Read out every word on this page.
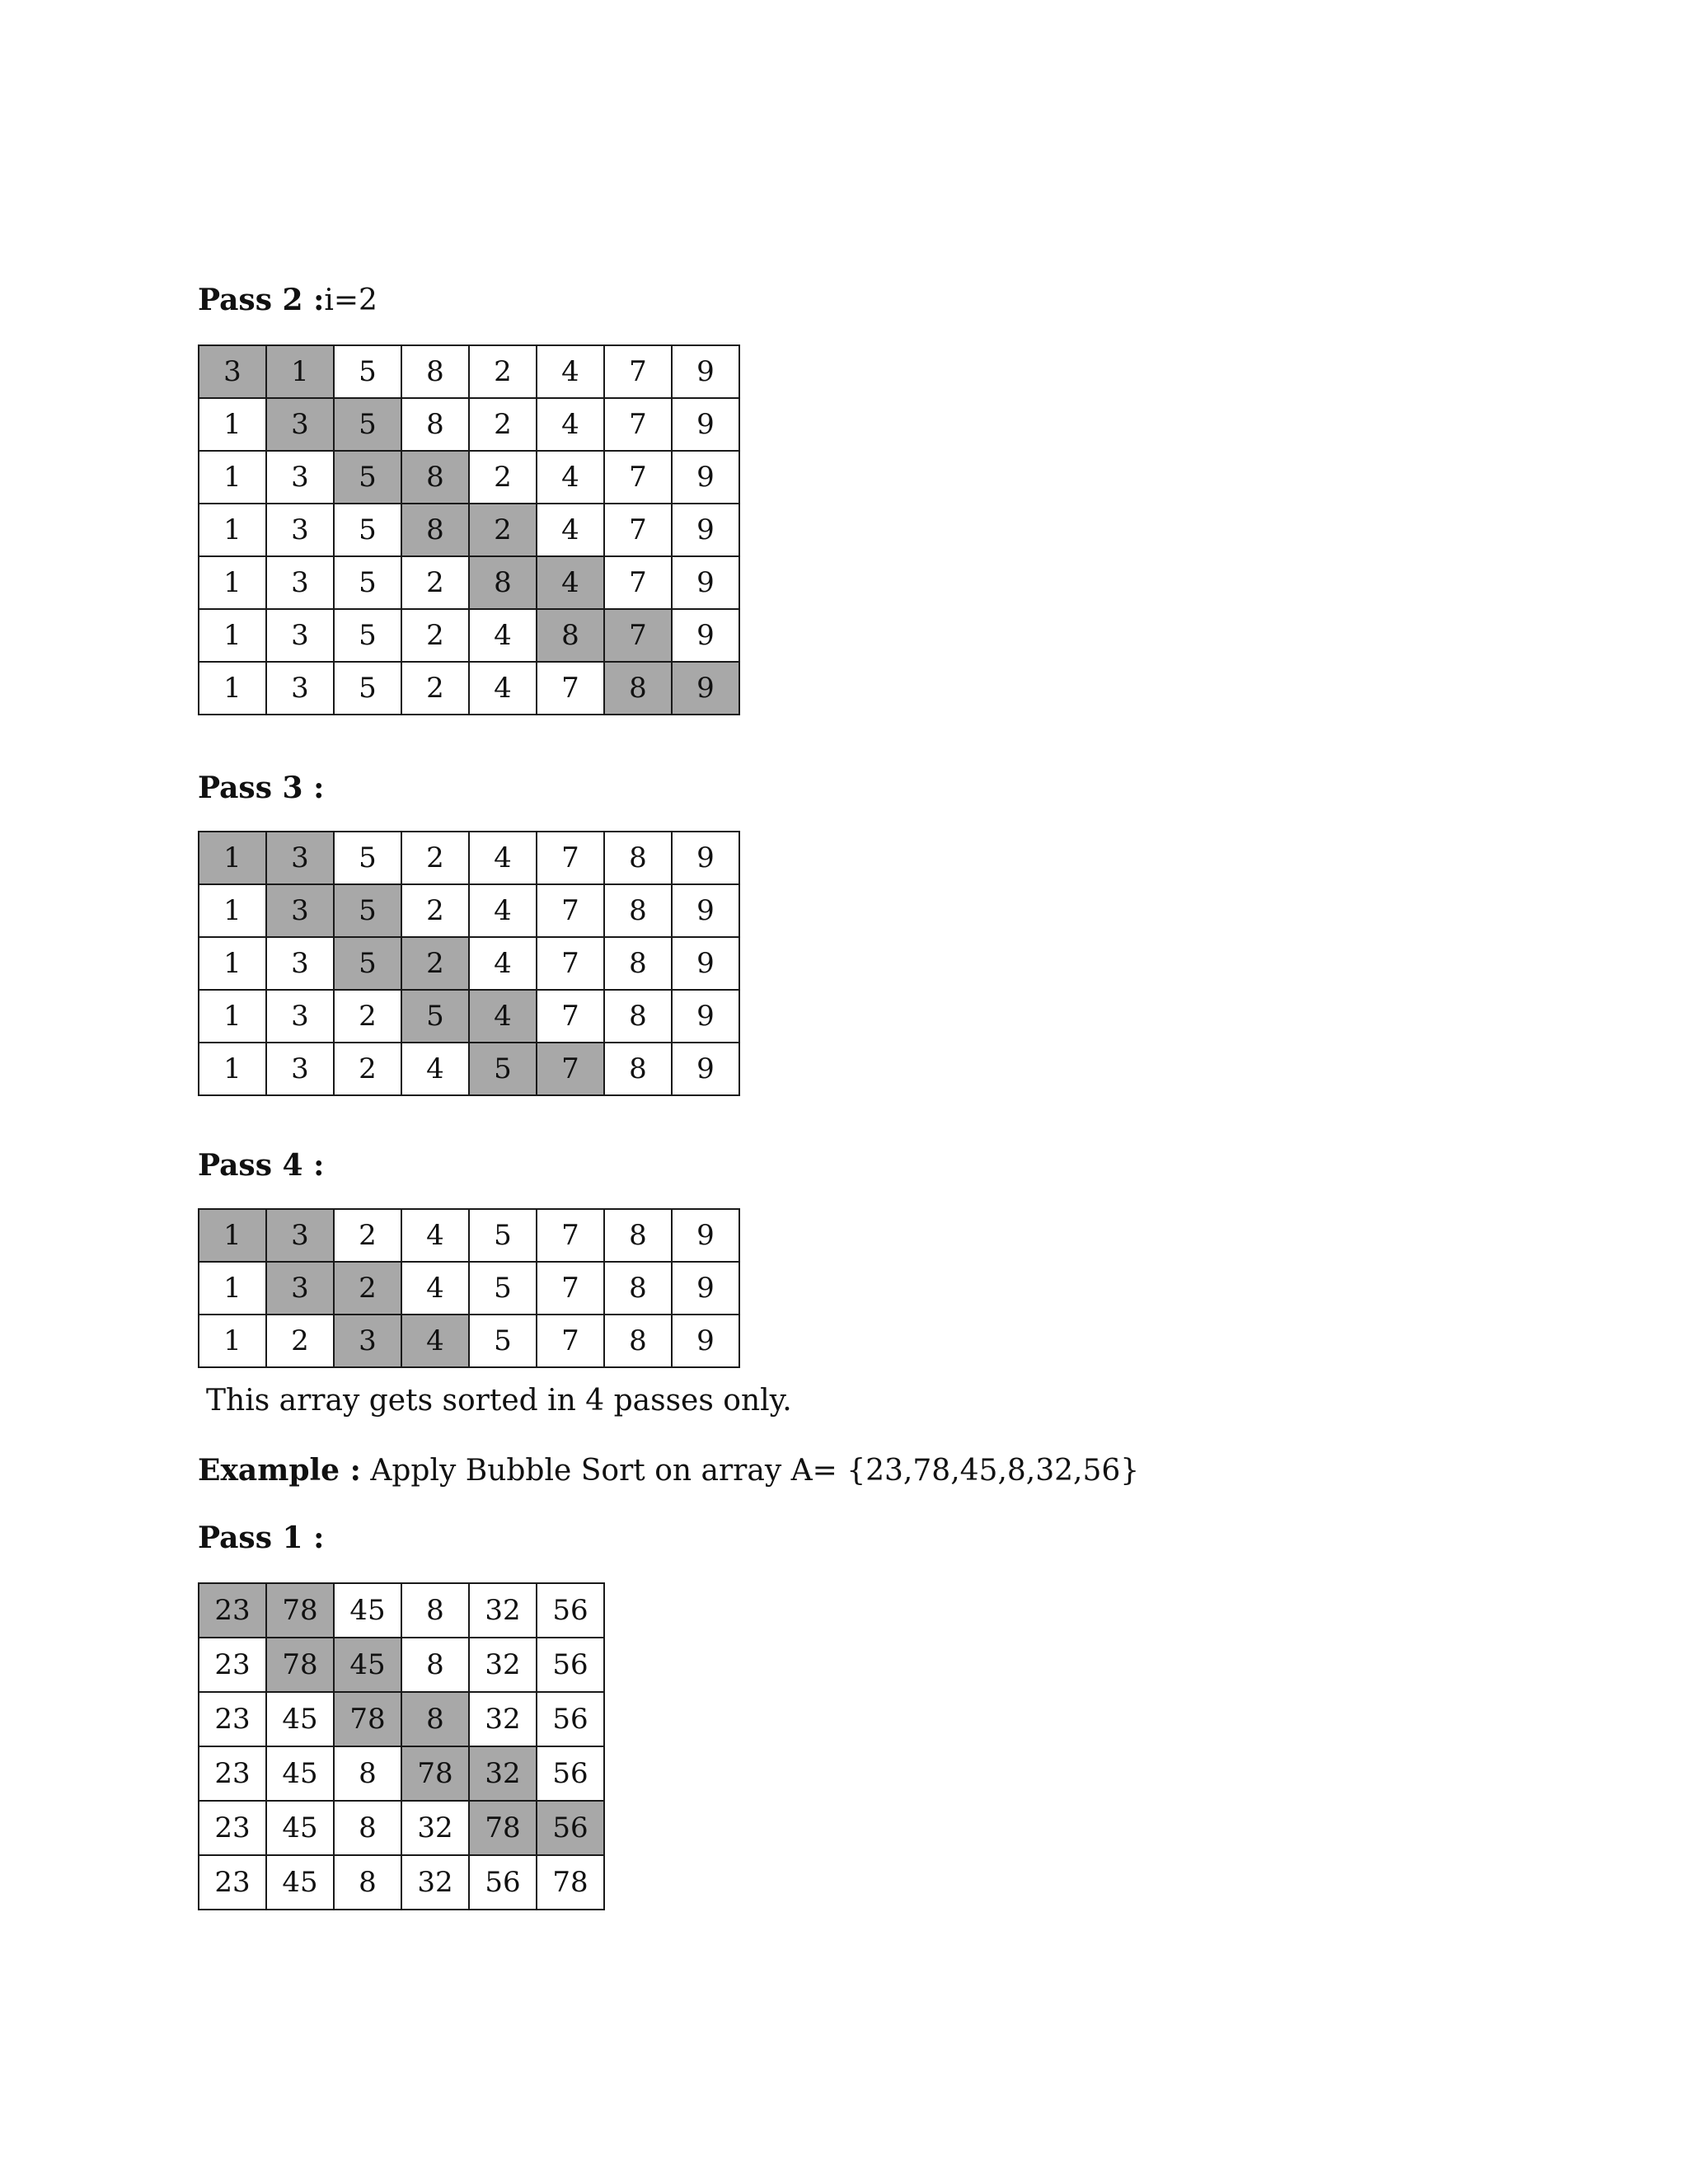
Pass 2 :i=2

3	1	5	8	2	4	7	9
1	3	5	8	2	4	7	9
1	3	5	8	2	4	7	9
1	3	5	8	2	4	7	9
1	3	5	2	8	4	7	9
1	3	5	2	4	8	7	9
1	3	5	2	4	7	8	9

Pass 3 :

1	3	5	2	4	7	8	9
1	3	5	2	4	7	8	9
1	3	5	2	4	7	8	9
1	3	2	5	4	7	8	9
1	3	2	4	5	7	8	9

Pass 4 :

1	3	2	4	5	7	8	9
1	3	2	4	5	7	8	9
1	2	3	4	5	7	8	9

This array gets sorted in 4 passes only.

Example : Apply Bubble Sort on array A= {23,78,45,8,32,56}

Pass 1 :

23	78	45	8	32	56
23	78	45	8	32	56
23	45	78	8	32	56
23	45	8	78	32	56
23	45	8	32	78	56
23	45	8	32	56	78
